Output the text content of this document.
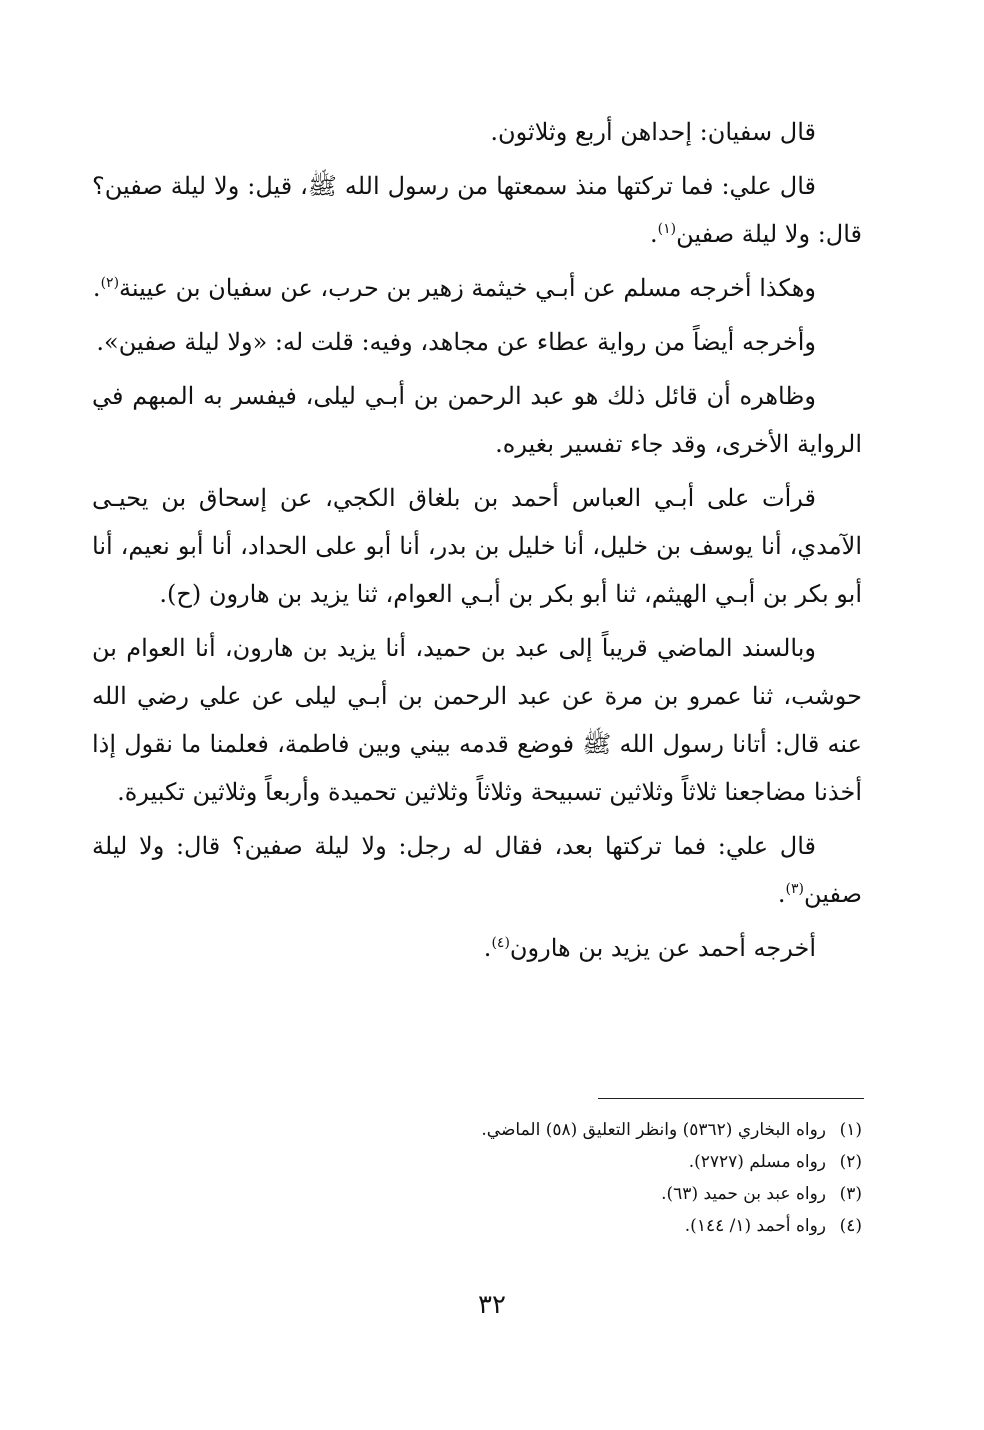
قال سفيان: إحداهن أربع وثلاثون.

قال علي: فما تركتها منذ سمعتها من رسول الله ﷺ، قيل: ولا ليلة صفين؟ قال: ولا ليلة صفين$^{(١)}$.

وهكذا أخرجه مسلم عن أبـي خيثمة زهير بن حرب، عن سفيان بن عيينة$^{(٢)}$.

وأخرجه أيضاً من رواية عطاء عن مجاهد، وفيه: قلت له: «ولا ليلة صفين».

وظاهره أن قائل ذلك هو عبد الرحمن بن أبـي ليلى، فيفسر به المبهم في الرواية الأخرى، وقد جاء تفسير بغيره.

قرأت على أبـي العباس أحمد بن بلغاق الكجي، عن إسحاق بن يحيـى الآمدي، أنا يوسف بن خليل، أنا خليل بن بدر، أنا أبو على الحداد، أنا أبو نعيم، أنا أبو بكر بن أبـي الهيثم، ثنا أبو بكر بن أبـي العوام، ثنا يزيد بن هارون (ح).

وبالسند الماضي قريباً إلى عبد بن حميد، أنا يزيد بن هارون، أنا العوام بن حوشب، ثنا عمرو بن مرة عن عبد الرحمن بن أبـي ليلى عن علي رضي الله عنه قال: أتانا رسول الله ﷺ فوضع قدمه بيني وبين فاطمة، فعلمنا ما نقول إذا أخذنا مضاجعنا ثلاثاً وثلاثين تسبيحة وثلاثاً وثلاثين تحميدة وأربعاً وثلاثين تكبيرة.

قال علي: فما تركتها بعد، فقال له رجل: ولا ليلة صفين؟ قال: ولا ليلة صفين$^{(٣)}$.

أخرجه أحمد عن يزيد بن هارون$^{(٤)}$.

(١)رواه البخاري (٥٣٦٢) وانظر التعليق (٥٨) الماضي.

(٢)رواه مسلم (٢٧٢٧).

(٣)رواه عبد بن حميد (٦٣).

(٤)رواه أحمد (١/ ١٤٤).

٣٢
